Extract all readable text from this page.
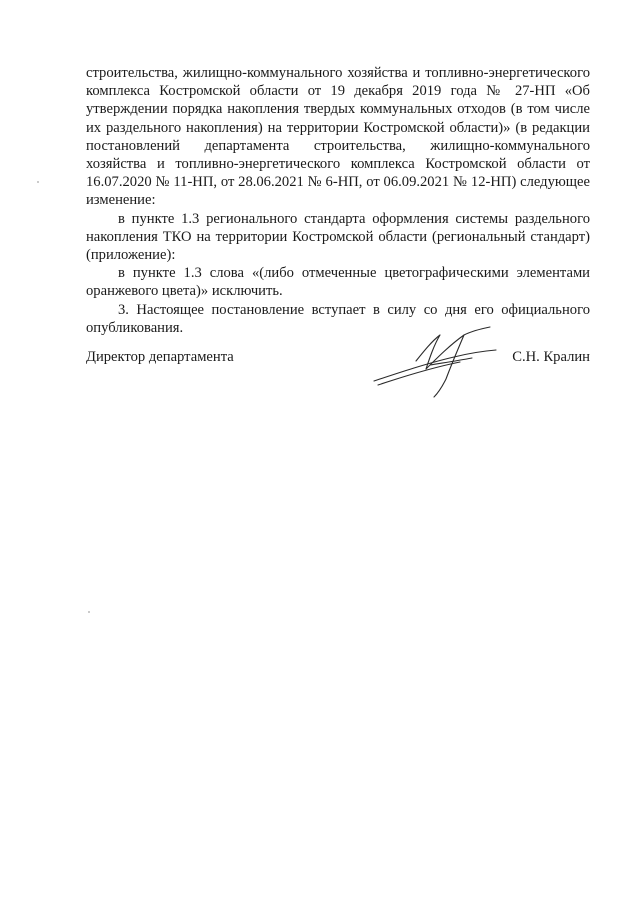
строительства, жилищно-коммунального хозяйства и топливно-энергетического комплекса Костромской области от 19 декабря 2019 года № 27-НП «Об утверждении порядка накопления твердых коммунальных отходов (в том числе их раздельного накопления) на территории Костромской области)» (в редакции постановлений департамента строительства, жилищно-коммунального хозяйства и топливно-энергетического комплекса Костромской области от 16.07.2020 № 11-НП, от 28.06.2021 № 6-НП, от 06.09.2021 № 12-НП) следующее изменение:

в пункте 1.3 регионального стандарта оформления системы раздельного накопления ТКО на территории Костромской области (региональный стандарт) (приложение):

в пункте 1.3 слова «(либо отмеченные цветографическими элементами оранжевого цвета)» исключить.

3. Настоящее постановление вступает в силу со дня его официального опубликования.

Директор департамента	С.Н. Кралин
